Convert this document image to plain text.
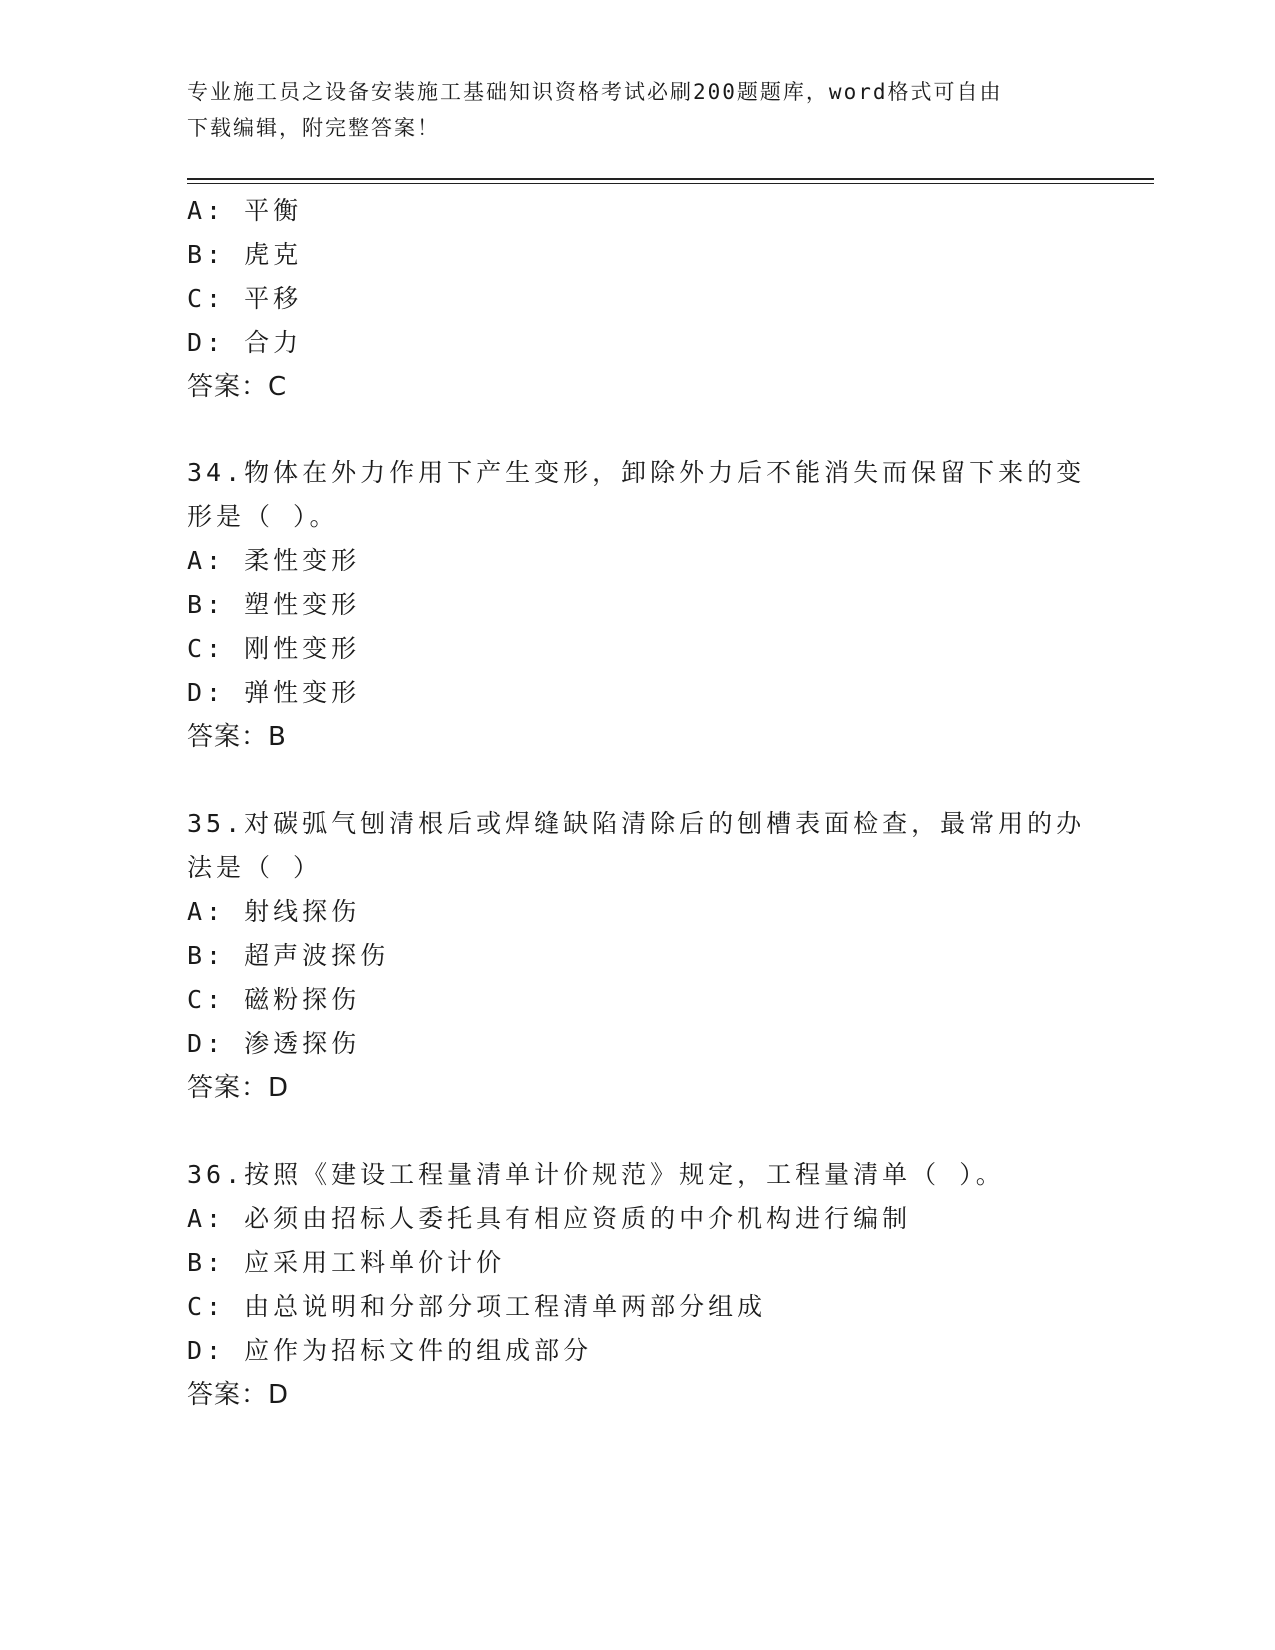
专业施工员之设备安装施工基础知识资格考试必刷200题题库，word格式可自由
下载编辑，附完整答案！
A: 平衡
B: 虎克
C: 平移
D: 合力
答案：C
34.物体在外力作用下产生变形，卸除外力后不能消失而保留下来的变
形是（ ）。
A: 柔性变形
B: 塑性变形
C: 刚性变形
D: 弹性变形
答案：B
35.对碳弧气刨清根后或焊缝缺陷清除后的刨槽表面检查，最常用的办
法是（ ）
A: 射线探伤
B: 超声波探伤
C: 磁粉探伤
D: 渗透探伤
答案：D
36.按照《建设工程量清单计价规范》规定，工程量清单（ ）。
A: 必须由招标人委托具有相应资质的中介机构进行编制
B: 应采用工料单价计价
C: 由总说明和分部分项工程清单两部分组成
D: 应作为招标文件的组成部分
答案：D
